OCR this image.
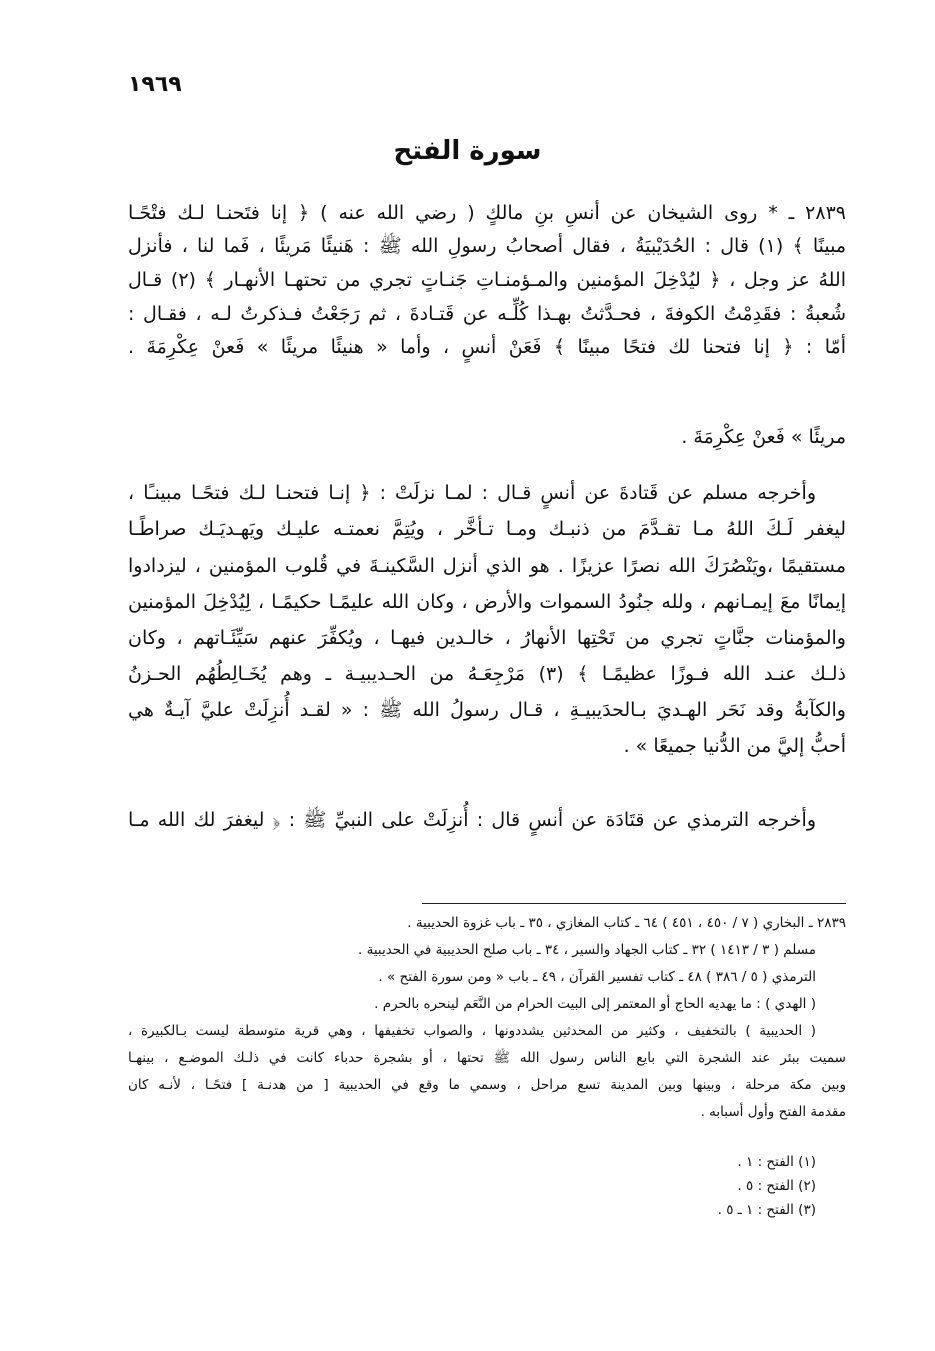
١٩٦٩
سورة الفتح
٢٨٣٩ ـ * روى الشيخان عن أنسِ بنِ مالكٍ ( رضي الله عنه ) ﴿ إنا فتَحنـا لـك فتْحًـا
مبينًا ﴾ (١) قال : الحُدَيْبيَةُ ، فقال أصحابُ رسولِ الله ﷺ : هَنيئًا مَريئًا ، فَما لنا ، فأنزل
اللهُ عز وجل ، ﴿ ليُدْخِلَ المؤمنين والمـؤمنـاتِ جَنـاتٍ تجري من تحتهـا الأنهـار ﴾ (٢) قـال
شُعبةُ : فقَدِمْتُ الكوفةَ ، فحـدَّثتُ بهـذا كُلِّـه عن قَتـادةَ ، ثم رَجَعْتُ فـذكرتُ لـه ، فقـال :
أمّا : ﴿ إنا فتحنا لك فتحًا مبينًا ﴾ فَعَنْ أنسٍ ، وأما « هنيئًا مريئًا » فَعنْ عِكْرِمَةَ .
مريئًا » فَعنْ عِكْرِمَةَ .
وأخرجه مسلم عن قَتادةَ عن أنسٍ قـال : لمـا نزلَتْ : ﴿ إنـا فتحنـا لـك فتحًـا مبينـًا ،
ليغفر لَـكَ اللهُ مـا تقـدَّمَ من ذنبـك ومـا تـأخَّر ، ويُتِمَّ نعمتـه عليـك ويَهـديَـك صراطًـا
مستقيمًا ،ويَنْصُرَكَ الله نصرًا عزيزًا . هو الذي أنزل السَّكينـةَ في قُلوب المؤمنين ، ليزدادوا
إيمانًا معَ إيمـانهم ، ولله جنُودُ السموات والأرض ، وكان الله عليمًـا حكيمًـا ، لِيُدْخِلَ المؤمنين
والمؤمنات جنَّاتٍ تجري من تَحْتِها الأنهارُ ، خالـدين فيهـا ، ويُكفِّرَ عنهم سَيِّئَـاتهم ، وكان
ذلـك عنـد الله فـوزًا عظيمًـا ﴾ (٣) مَرْجِعَـهُ من الحـديبيـة ـ وهم يُخَـالِطُهُم الحـزنُ
والكآبةُ وقد نَحَر الهـديَ بـالحدَيبيـةِ ، قـال رسولُ الله ﷺ : « لقـد أُنزِلَتْ عليَّ آيـةٌ هي
أحبُّ إليَّ من الدُّنيا جميعًا » .
وأخرجه الترمذي عن قتَادَة عن أنسٍ قال : أُنزِلَتْ على النبيِّ ﷺ : ﴿ ليغفرَ لك الله مـا
٢٨٣٩ ـ البخاري ( ٧ / ٤٥٠ ، ٤٥١ ) ٦٤ ـ كتاب المغازي ، ٣٥ ـ باب غزوة الحديبية .
مسلم ( ٣ / ١٤١٣ ) ٣٢ ـ كتاب الجهاد والسير ، ٣٤ ـ باب صلح الحديبية في الحديبية .
الترمذي ( ٥ / ٣٨٦ ) ٤٨ ـ كتاب تفسير القرآن ، ٤٩ ـ باب « ومن سورة الفتح » .
( الهدي ) : ما يهديه الحاج أو المعتمر إلى البيت الحرام من النَّعَم لينحره بالحرم .
( الحديبية ) بالتخفيف ، وكثير من المحدثين يشددونها ، والصواب تخفيفها ، وهي قرية متوسطة ليست بـالكبيرة ،
سميت ببئر عند الشجرة التي بايع الناس رسول الله ﷺ تحتها ، أو بشجرة حدباء كانت في ذلـك الموضـع ، بينهـا
وبين مكة مرحلة ، وبينها وبين المدينة تسع مراحل ، وسمي ما وقع في الحديبية [ من هدنـة ] فتحًـا ، لأنـه كان
مقدمة الفتح وأول أسبابه .
(١) الفتح : ١ .
(٢) الفتح : ٥ .
(٣) الفتح : ١ ـ ٥ .
